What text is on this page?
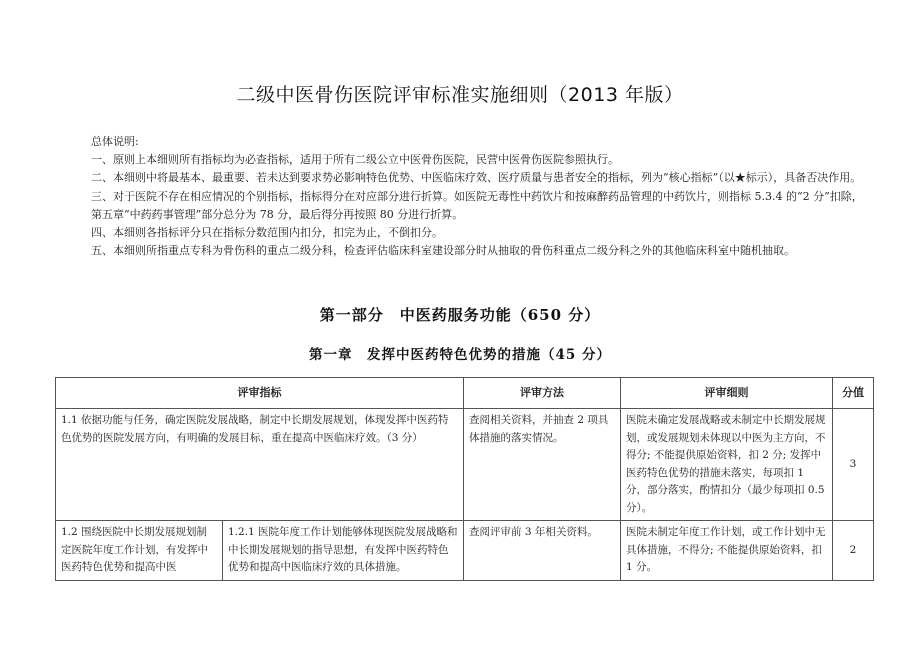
二级中医骨伤医院评审标准实施细则（2013 年版）

总体说明:

一、原则上本细则所有指标均为必查指标，适用于所有二级公立中医骨伤医院，民营中医骨伤医院参照执行。

二、本细则中将最基本、最重要、若未达到要求势必影响特色优势、中医临床疗效、医疗质量与患者安全的指标，列为“核心指标”（以★标示），具备否决作用。

三、对于医院不存在相应情况的个别指标，指标得分在对应部分进行折算。如医院无毒性中药饮片和按麻醉药品管理的中药饮片，则指标 5.3.4 的“2 分”扣除，第五章“中药药事管理”部分总分为 78 分，最后得分再按照 80 分进行折算。

四、本细则各指标评分只在指标分数范围内扣分，扣完为止，不倒扣分。

五、本细则所指重点专科为骨伤科的重点二级分科，检查评估临床科室建设部分时从抽取的骨伤科重点二级分科之外的其他临床科室中随机抽取。

第一部分　中医药服务功能（650 分）
第一章　发挥中医药特色优势的措施（45 分）
评审指标		评审方法	评审细则	分值
1.1 依据功能与任务，确定医院发展战略，制定中长期发展规划，体现发挥中医药特色优势的医院发展方向，有明确的发展目标，重在提高中医临床疗效。（3 分）		查阅相关资料，并抽查 2 项具体措施的落实情况。	医院未确定发展战略或未制定中长期发展规划，或发展规划未体现以中医为主方向，不得分; 不能提供原始资料，扣 2 分; 发挥中医药特色优势的措施未落实，每项扣 1 分，部分落实，酌情扣分（最少每项扣 0.5 分）。	3
1.2 围绕医院中长期发展规划制定医院年度工作计划，有发挥中医药特色优势和提高中医	1.2.1 医院年度工作计划能够体现医院发展战略和中长期发展规划的指导思想，有发挥中医药特色优势和提高中医临床疗效的具体措施。	查阅评审前 3 年相关资料。	医院未制定年度工作计划，或工作计划中无具体措施，不得分; 不能提供原始资料，扣 1 分。	2
